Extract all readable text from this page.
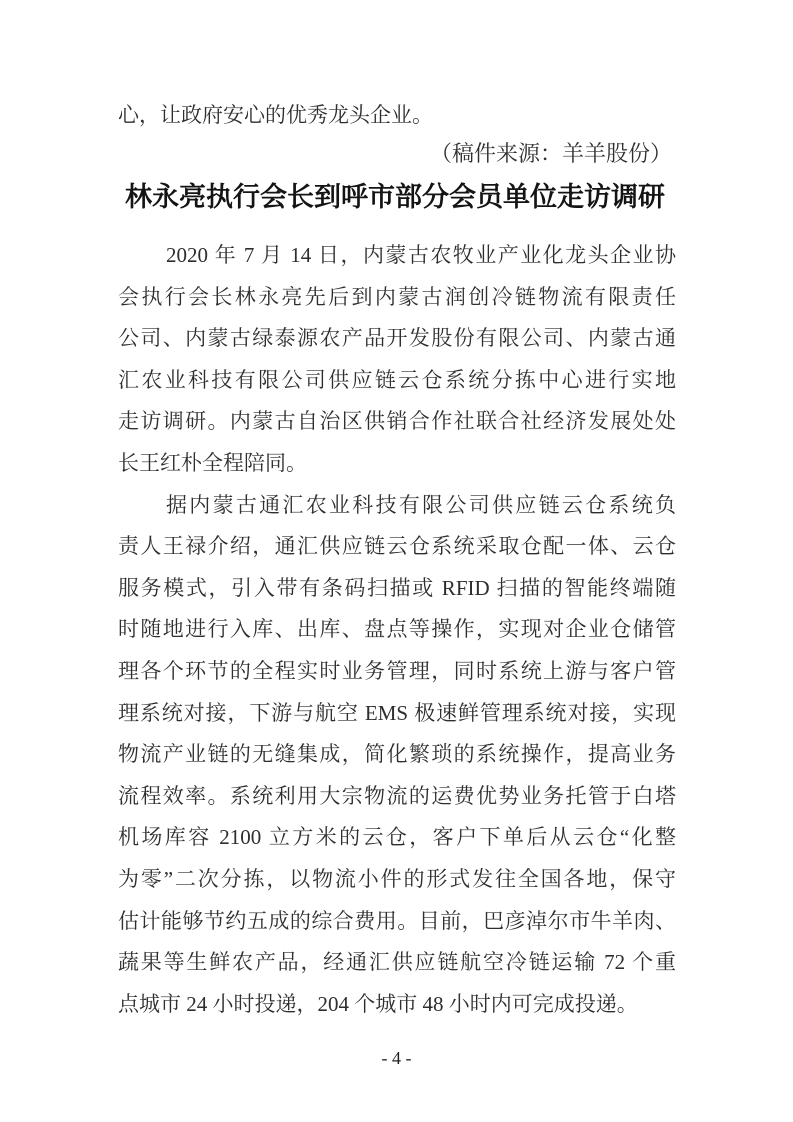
心，让政府安心的优秀龙头企业。
（稿件来源：羊羊股份）
林永亮执行会长到呼市部分会员单位走访调研
2020 年 7 月 14 日，内蒙古农牧业产业化龙头企业协
会执行会长林永亮先后到内蒙古润创冷链物流有限责任
公司、内蒙古绿泰源农产品开发股份有限公司、内蒙古通
汇农业科技有限公司供应链云仓系统分拣中心进行实地
走访调研。内蒙古自治区供销合作社联合社经济发展处处
长王红朴全程陪同。
据内蒙古通汇农业科技有限公司供应链云仓系统负
责人王禄介绍，通汇供应链云仓系统采取仓配一体、云仓
服务模式，引入带有条码扫描或 RFID 扫描的智能终端随
时随地进行入库、出库、盘点等操作，实现对企业仓储管
理各个环节的全程实时业务管理，同时系统上游与客户管
理系统对接，下游与航空 EMS 极速鲜管理系统对接，实现
物流产业链的无缝集成，简化繁琐的系统操作，提高业务
流程效率。系统利用大宗物流的运费优势业务托管于白塔
机场库容 2100 立方米的云仓，客户下单后从云仓“化整
为零”二次分拣，以物流小件的形式发往全国各地，保守
估计能够节约五成的综合费用。目前，巴彦淖尔市牛羊肉、
蔬果等生鲜农产品，经通汇供应链航空冷链运输 72 个重
点城市 24 小时投递，204 个城市 48 小时内可完成投递。
- 4 -
